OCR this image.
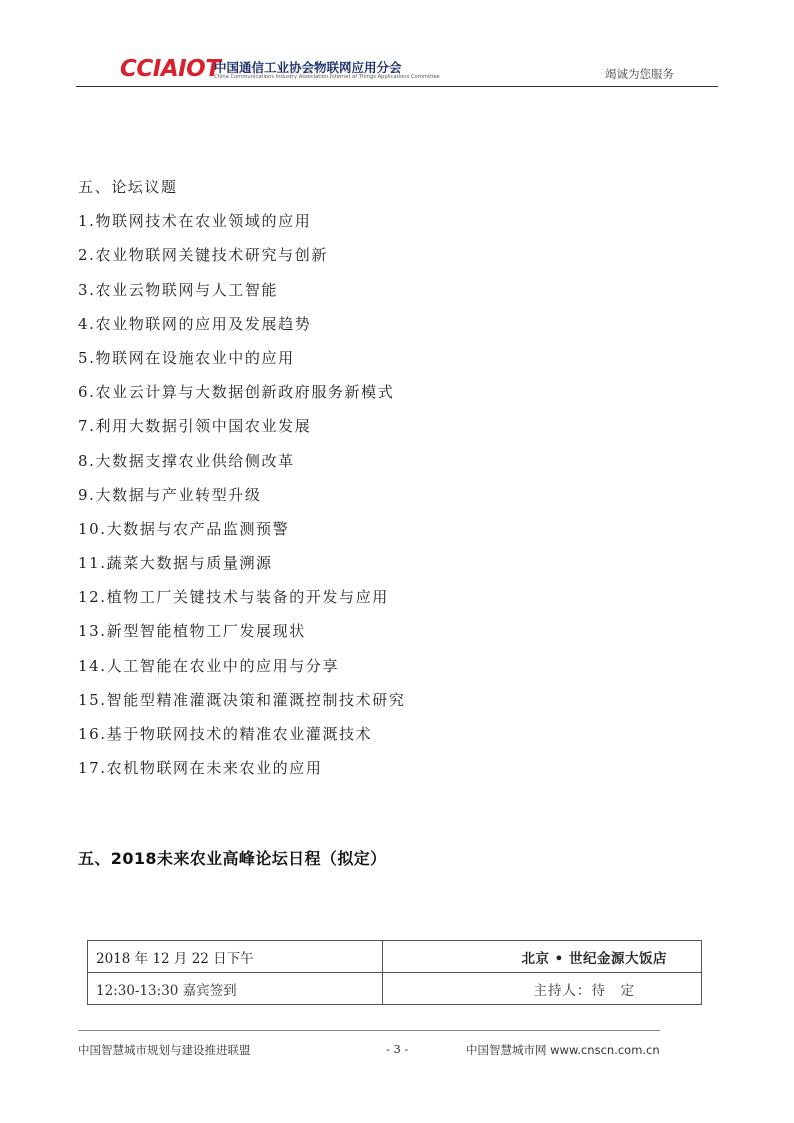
CCIAIOT
中国通信工业协会物联网应用分会
China Communications Industry Association,Internet of Things Applications Committee	竭诚为您服务
五、论坛议题
1.物联网技术在农业领域的应用
2.农业物联网关键技术研究与创新
3.农业云物联网与人工智能
4.农业物联网的应用及发展趋势
5.物联网在设施农业中的应用
6.农业云计算与大数据创新政府服务新模式
7.利用大数据引领中国农业发展
8.大数据支撑农业供给侧改革
9.大数据与产业转型升级
10.大数据与农产品监测预警
11.蔬菜大数据与质量溯源
12.植物工厂关键技术与装备的开发与应用
13.新型智能植物工厂发展现状
14.人工智能在农业中的应用与分享
15.智能型精准灌溉决策和灌溉控制技术研究
16.基于物联网技术的精准农业灌溉技术
17.农机物联网在未来农业的应用
五、2018未来农业高峰论坛日程（拟定）
2018 年 12 月 22 日下午	北京 • 世纪金源大饭店
12:30-13:30 嘉宾签到	主持人：待　定
中国智慧城市规划与建设推进联盟	- 3 -	中国智慧城市网 www.cnscn.com.cn
